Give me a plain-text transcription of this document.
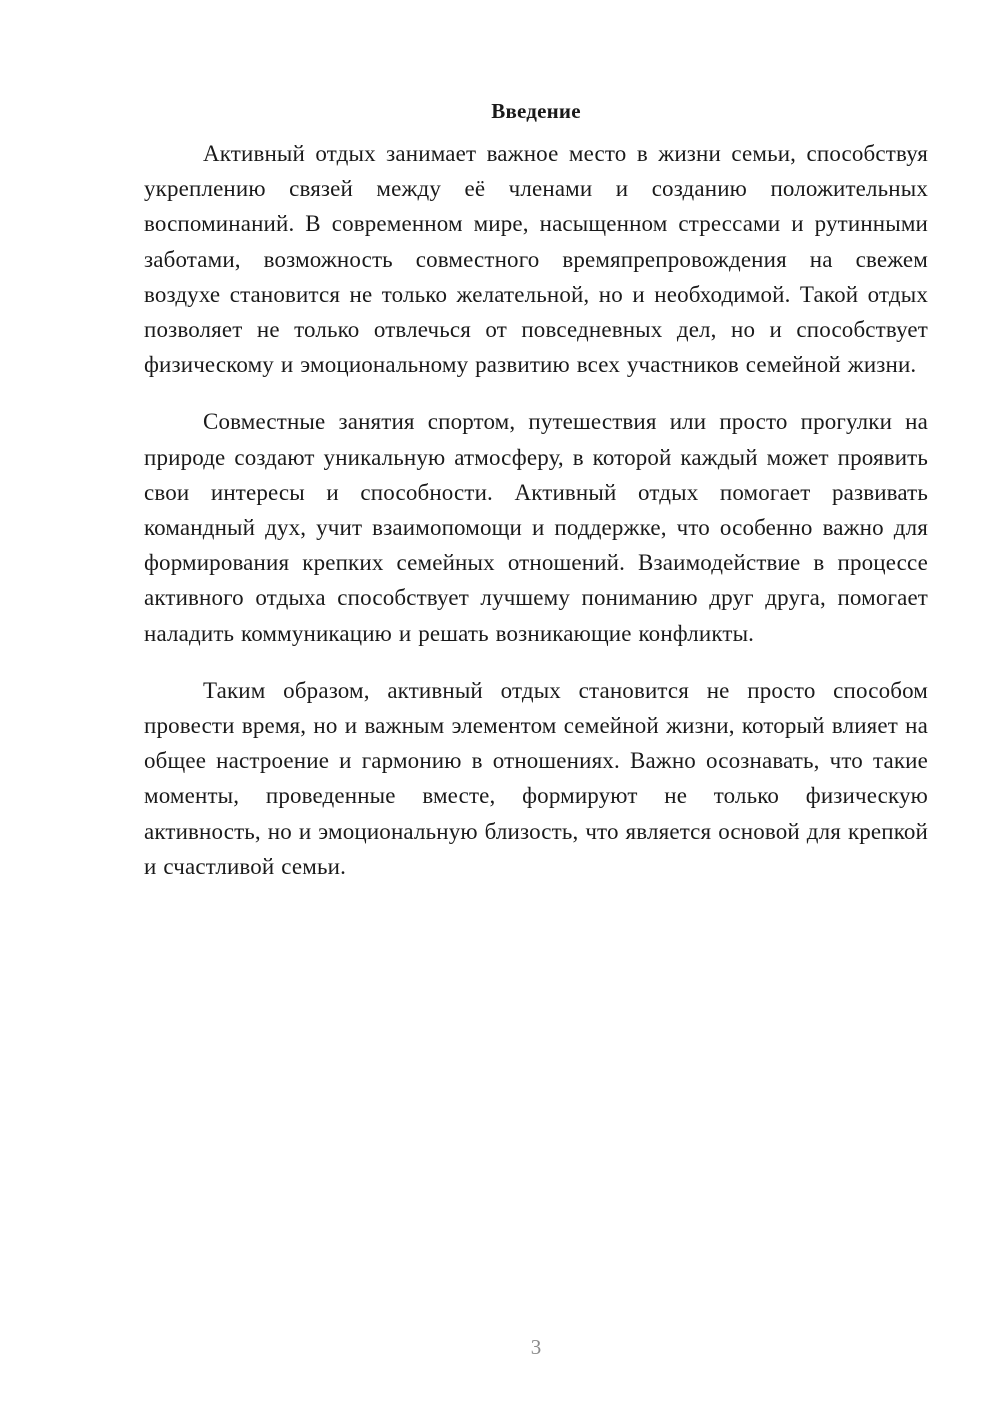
Введение

Активный отдых занимает важное место в жизни семьи, способствуя укреплению связей между её членами и созданию положительных воспоминаний. В современном мире, насыщенном стрессами и рутинными заботами, возможность совместного времяпрепровождения на свежем воздухе становится не только желательной, но и необходимой. Такой отдых позволяет не только отвлечься от повседневных дел, но и способствует физическому и эмоциональному развитию всех участников семейной жизни.

Совместные занятия спортом, путешествия или просто прогулки на природе создают уникальную атмосферу, в которой каждый может проявить свои интересы и способности. Активный отдых помогает развивать командный дух, учит взаимопомощи и поддержке, что особенно важно для формирования крепких семейных отношений. Взаимодействие в процессе активного отдыха способствует лучшему пониманию друг друга, помогает наладить коммуникацию и решать возникающие конфликты.

Таким образом, активный отдых становится не просто способом провести время, но и важным элементом семейной жизни, который влияет на общее настроение и гармонию в отношениях. Важно осознавать, что такие моменты, проведенные вместе, формируют не только физическую активность, но и эмоциональную близость, что является основой для крепкой и счастливой семьи.

3
